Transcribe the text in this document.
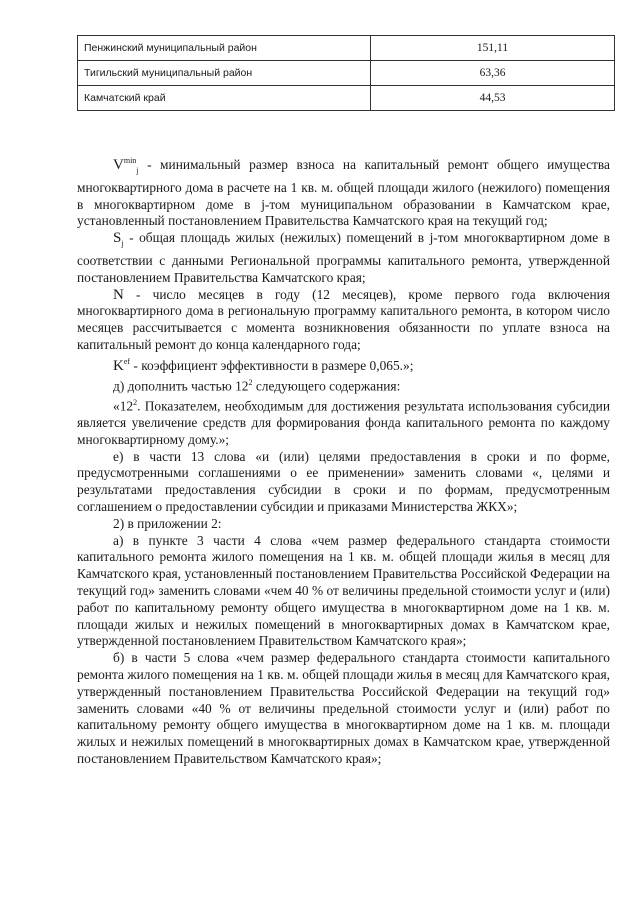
Пенжинский муниципальный район	151,11
Тигильский муниципальный район	63,36
Камчатский край	44,53

$V^{min}_j$ - минимальный размер взноса на капитальный ремонт общего имущества многоквартирного дома в расчете на 1 кв. м. общей площади жилого (нежилого) помещения в многоквартирном доме в j-том муниципальном образовании в Камчатском крае, установленный постановлением Правительства Камчатского края на текущий год;

$S_j$ - общая площадь жилых (нежилых) помещений в j-том многоквартирном доме в соответствии с данными Региональной программы капитального ремонта, утвержденной постановлением Правительства Камчатского края;

N - число месяцев в году (12 месяцев), кроме первого года включения многоквартирного дома в региональную программу капитального ремонта, в котором число месяцев рассчитывается с момента возникновения обязанности по уплате взноса на капитальный ремонт до конца календарного года;

$K^{ef}$ - коэффициент эффективности в размере 0,065.»;

д) дополнить частью $12^2$ следующего содержания:

«$12^2$. Показателем, необходимым для достижения результата использования субсидии является увеличение средств для формирования фонда капитального ремонта по каждому многоквартирному дому.»;

е) в части 13 слова «и (или) целями предоставления в сроки и по форме, предусмотренными соглашениями о ее применении» заменить словами «, целями и результатами предоставления субсидии в сроки и по формам, предусмотренным соглашением о предоставлении субсидии и приказами Министерства ЖКХ»;

2) в приложении 2:

а) в пункте 3 части 4 слова «чем размер федерального стандарта стоимости капитального ремонта жилого помещения на 1 кв. м. общей площади жилья в месяц для Камчатского края, установленный постановлением Правительства Российской Федерации на текущий год» заменить словами «чем 40 % от величины предельной стоимости услуг и (или) работ по капитальному ремонту общего имущества в многоквартирном доме на 1 кв. м. площади жилых и нежилых помещений в многоквартирных домах в Камчатском крае, утвержденной постановлением Правительством Камчатского края»;

б) в части 5 слова «чем размер федерального стандарта стоимости капитального ремонта жилого помещения на 1 кв. м. общей площади жилья в месяц для Камчатского края, утвержденный постановлением Правительства Российской Федерации на текущий год» заменить словами «40 % от величины предельной стоимости услуг и (или) работ по капитальному ремонту общего имущества в многоквартирном доме на 1 кв. м. площади жилых и нежилых помещений в многоквартирных домах в Камчатском крае, утвержденной постановлением Правительством Камчатского края»;
